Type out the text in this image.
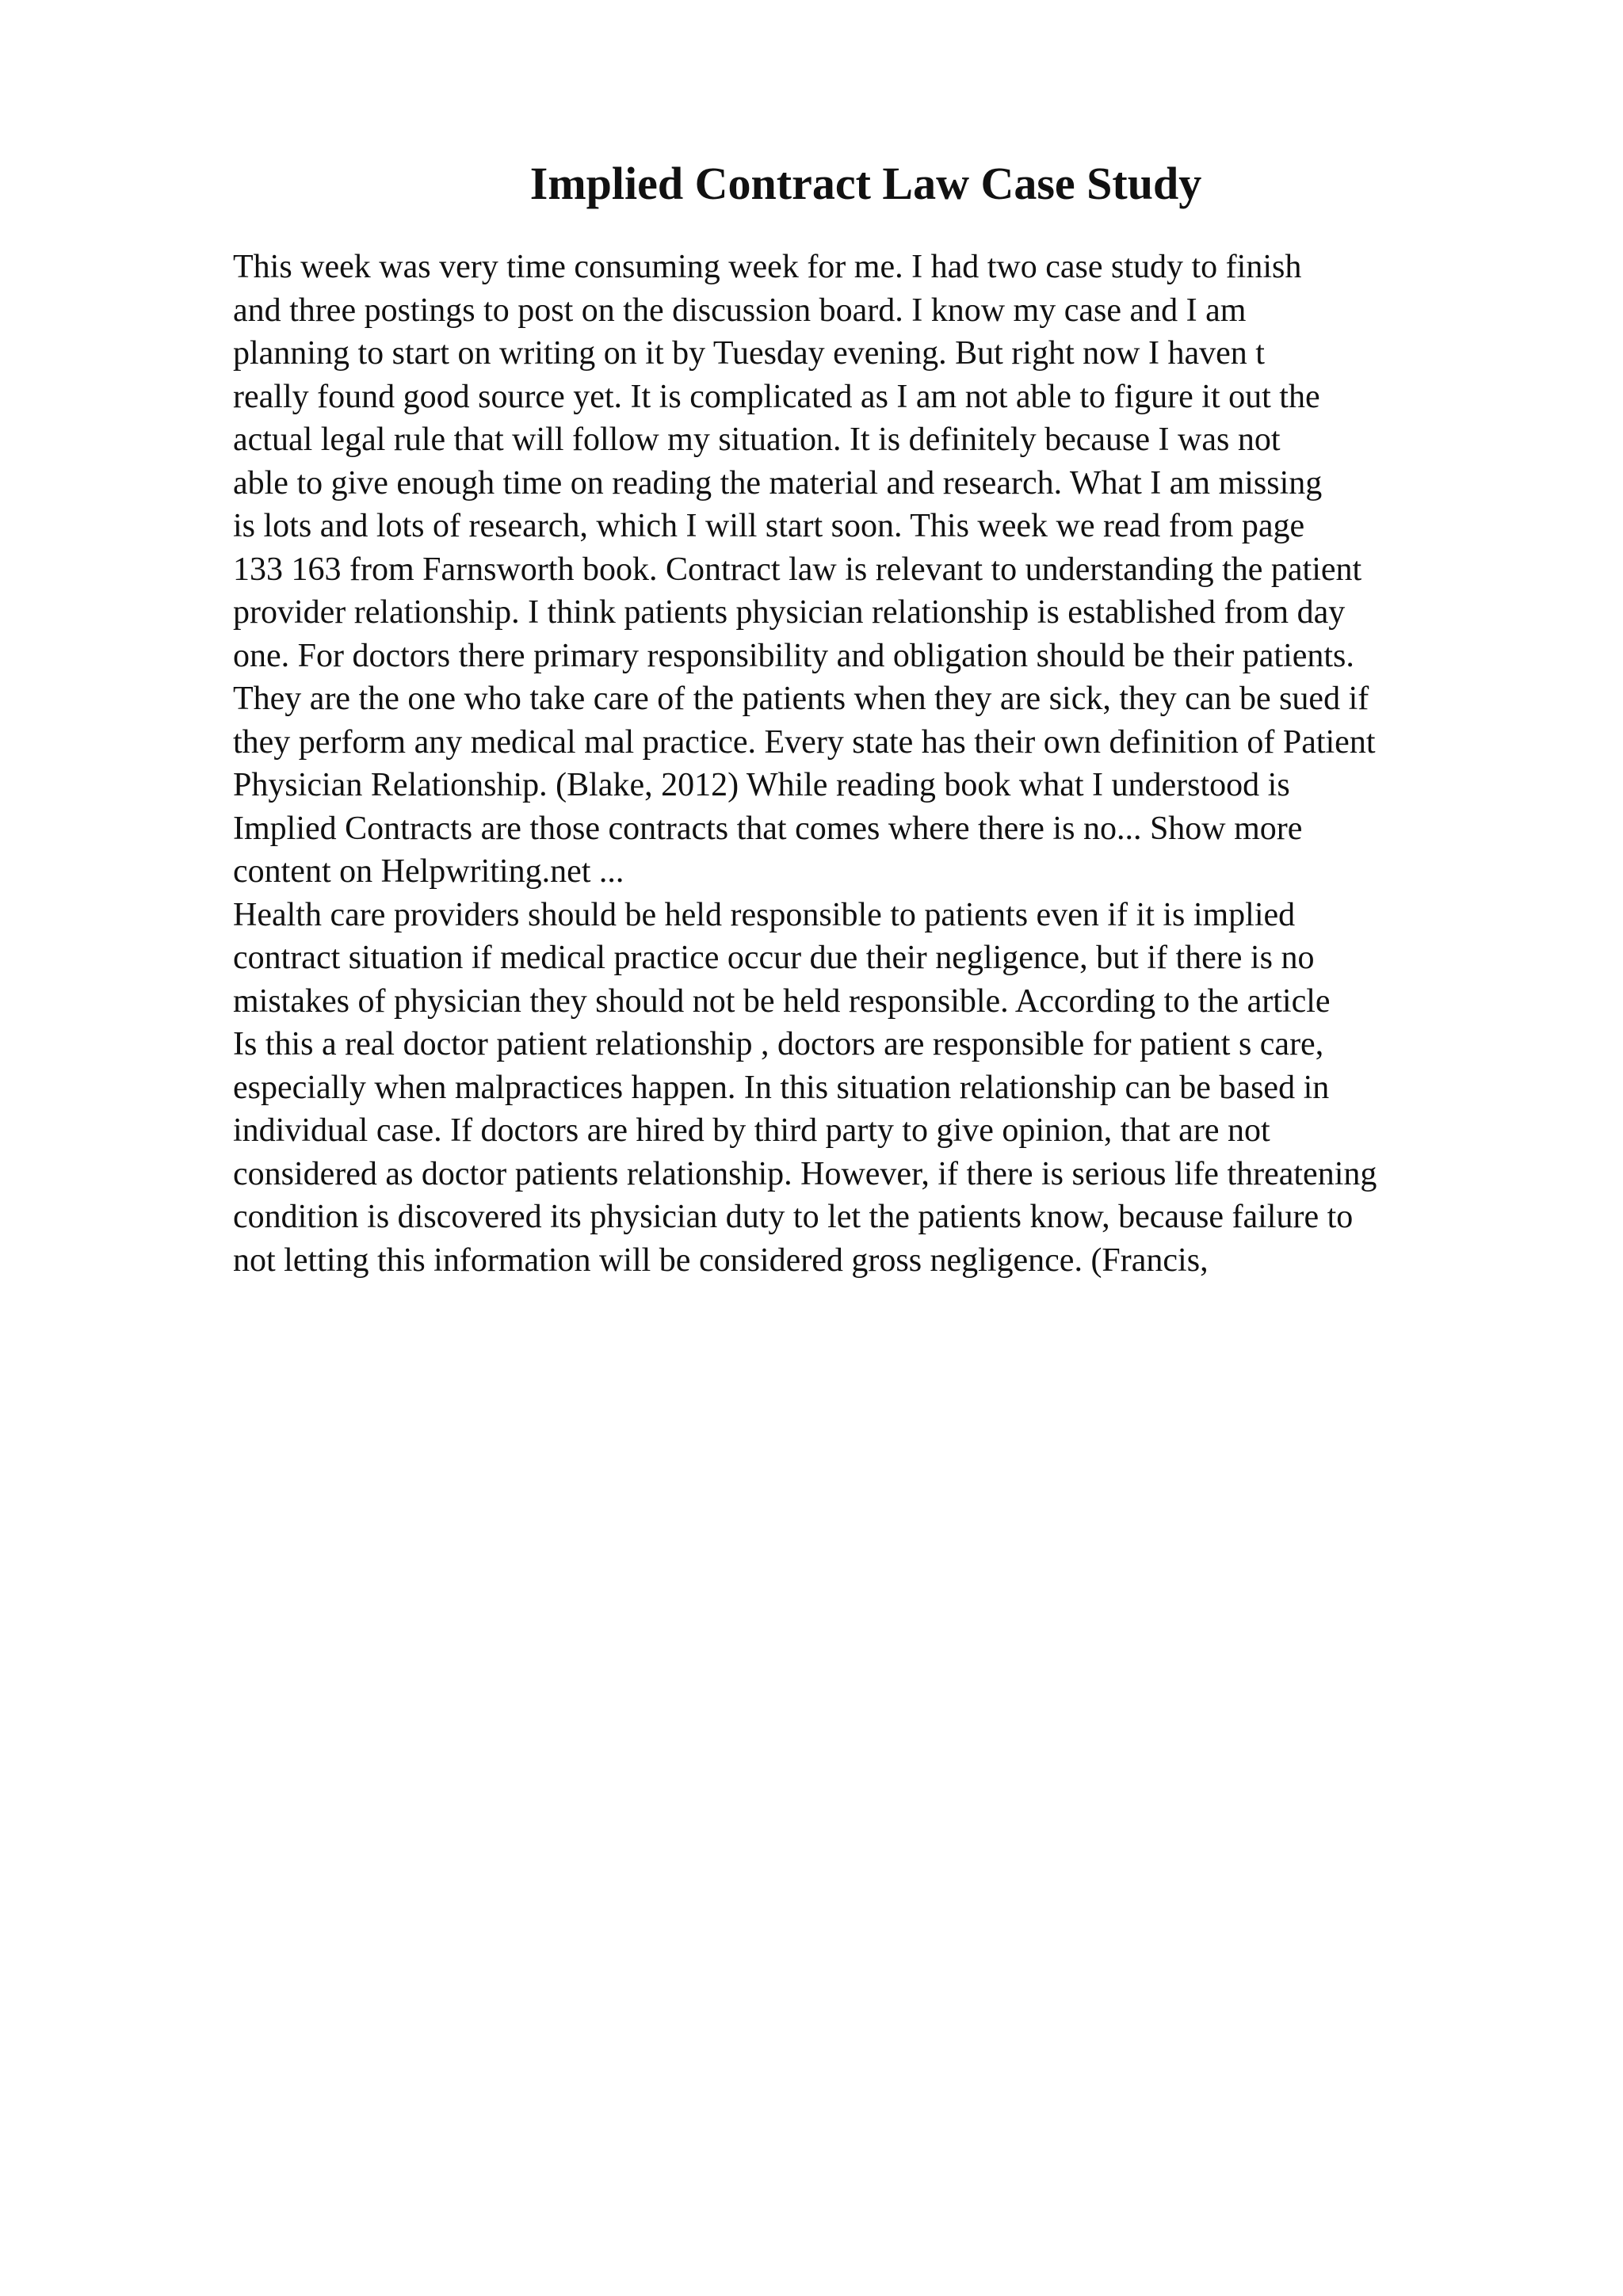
Implied Contract Law Case Study
This week was very time consuming week for me. I had two case study to finish
and three postings to post on the discussion board. I know my case and I am
planning to start on writing on it by Tuesday evening. But right now I haven t
really found good source yet. It is complicated as I am not able to figure it out the
actual legal rule that will follow my situation. It is definitely because I was not
able to give enough time on reading the material and research. What I am missing
is lots and lots of research, which I will start soon. This week we read from page
133 163 from Farnsworth book. Contract law is relevant to understanding the patient
provider relationship. I think patients physician relationship is established from day
one. For doctors there primary responsibility and obligation should be their patients.
They are the one who take care of the patients when they are sick, they can be sued if
they perform any medical mal practice. Every state has their own definition of Patient
Physician Relationship. (Blake, 2012) While reading book what I understood is
Implied Contracts are those contracts that comes where there is no... Show more
content on Helpwriting.net ...
Health care providers should be held responsible to patients even if it is implied
contract situation if medical practice occur due their negligence, but if there is no
mistakes of physician they should not be held responsible. According to the article
Is this a real doctor patient relationship , doctors are responsible for patient s care,
especially when malpractices happen. In this situation relationship can be based in
individual case. If doctors are hired by third party to give opinion, that are not
considered as doctor patients relationship. However, if there is serious life threatening
condition is discovered its physician duty to let the patients know, because failure to
not letting this information will be considered gross negligence. (Francis,
